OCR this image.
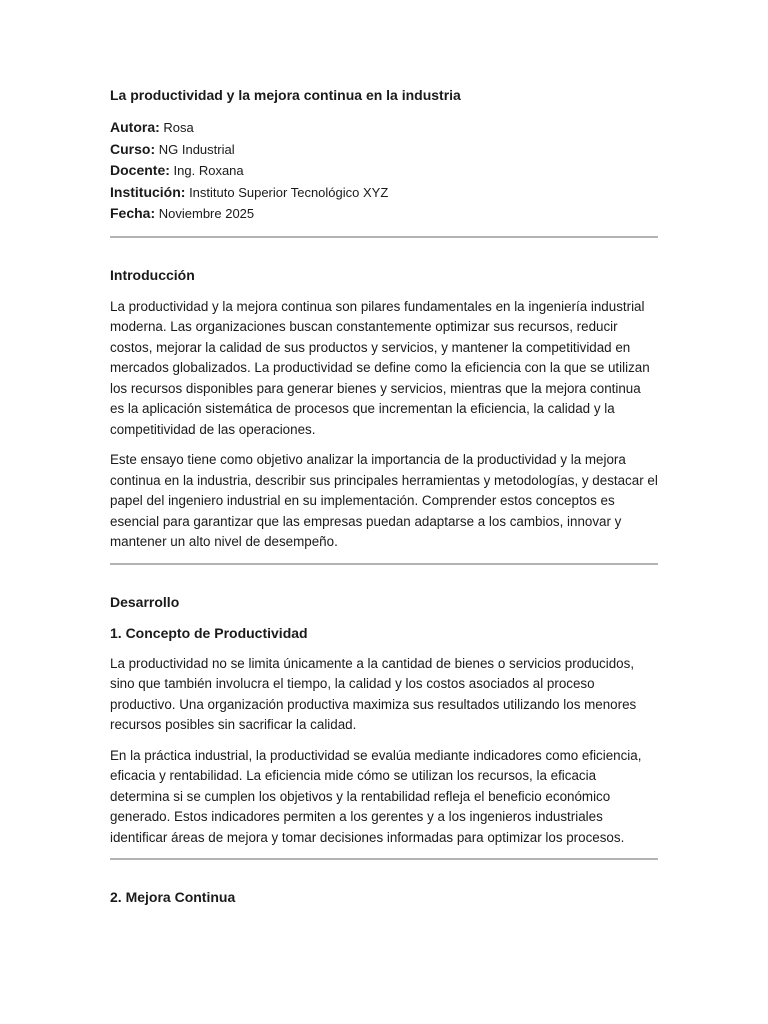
La productividad y la mejora continua en la industria

Autora: Rosa

Curso: NG Industrial

Docente: Ing. Roxana

Institución: Instituto Superior Tecnológico XYZ

Fecha: Noviembre 2025

Introducción

La productividad y la mejora continua son pilares fundamentales en la ingeniería industrial moderna. Las organizaciones buscan constantemente optimizar sus recursos, reducir costos, mejorar la calidad de sus productos y servicios, y mantener la competitividad en mercados globalizados. La productividad se define como la eficiencia con la que se utilizan los recursos disponibles para generar bienes y servicios, mientras que la mejora continua es la aplicación sistemática de procesos que incrementan la eficiencia, la calidad y la competitividad de las operaciones.

Este ensayo tiene como objetivo analizar la importancia de la productividad y la mejora continua en la industria, describir sus principales herramientas y metodologías, y destacar el papel del ingeniero industrial en su implementación. Comprender estos conceptos es esencial para garantizar que las empresas puedan adaptarse a los cambios, innovar y mantener un alto nivel de desempeño.

Desarrollo
1. Concepto de Productividad

La productividad no se limita únicamente a la cantidad de bienes o servicios producidos, sino que también involucra el tiempo, la calidad y los costos asociados al proceso productivo. Una organización productiva maximiza sus resultados utilizando los menores recursos posibles sin sacrificar la calidad.

En la práctica industrial, la productividad se evalúa mediante indicadores como eficiencia, eficacia y rentabilidad. La eficiencia mide cómo se utilizan los recursos, la eficacia determina si se cumplen los objetivos y la rentabilidad refleja el beneficio económico generado. Estos indicadores permiten a los gerentes y a los ingenieros industriales identificar áreas de mejora y tomar decisiones informadas para optimizar los procesos.

2. Mejora Continua
